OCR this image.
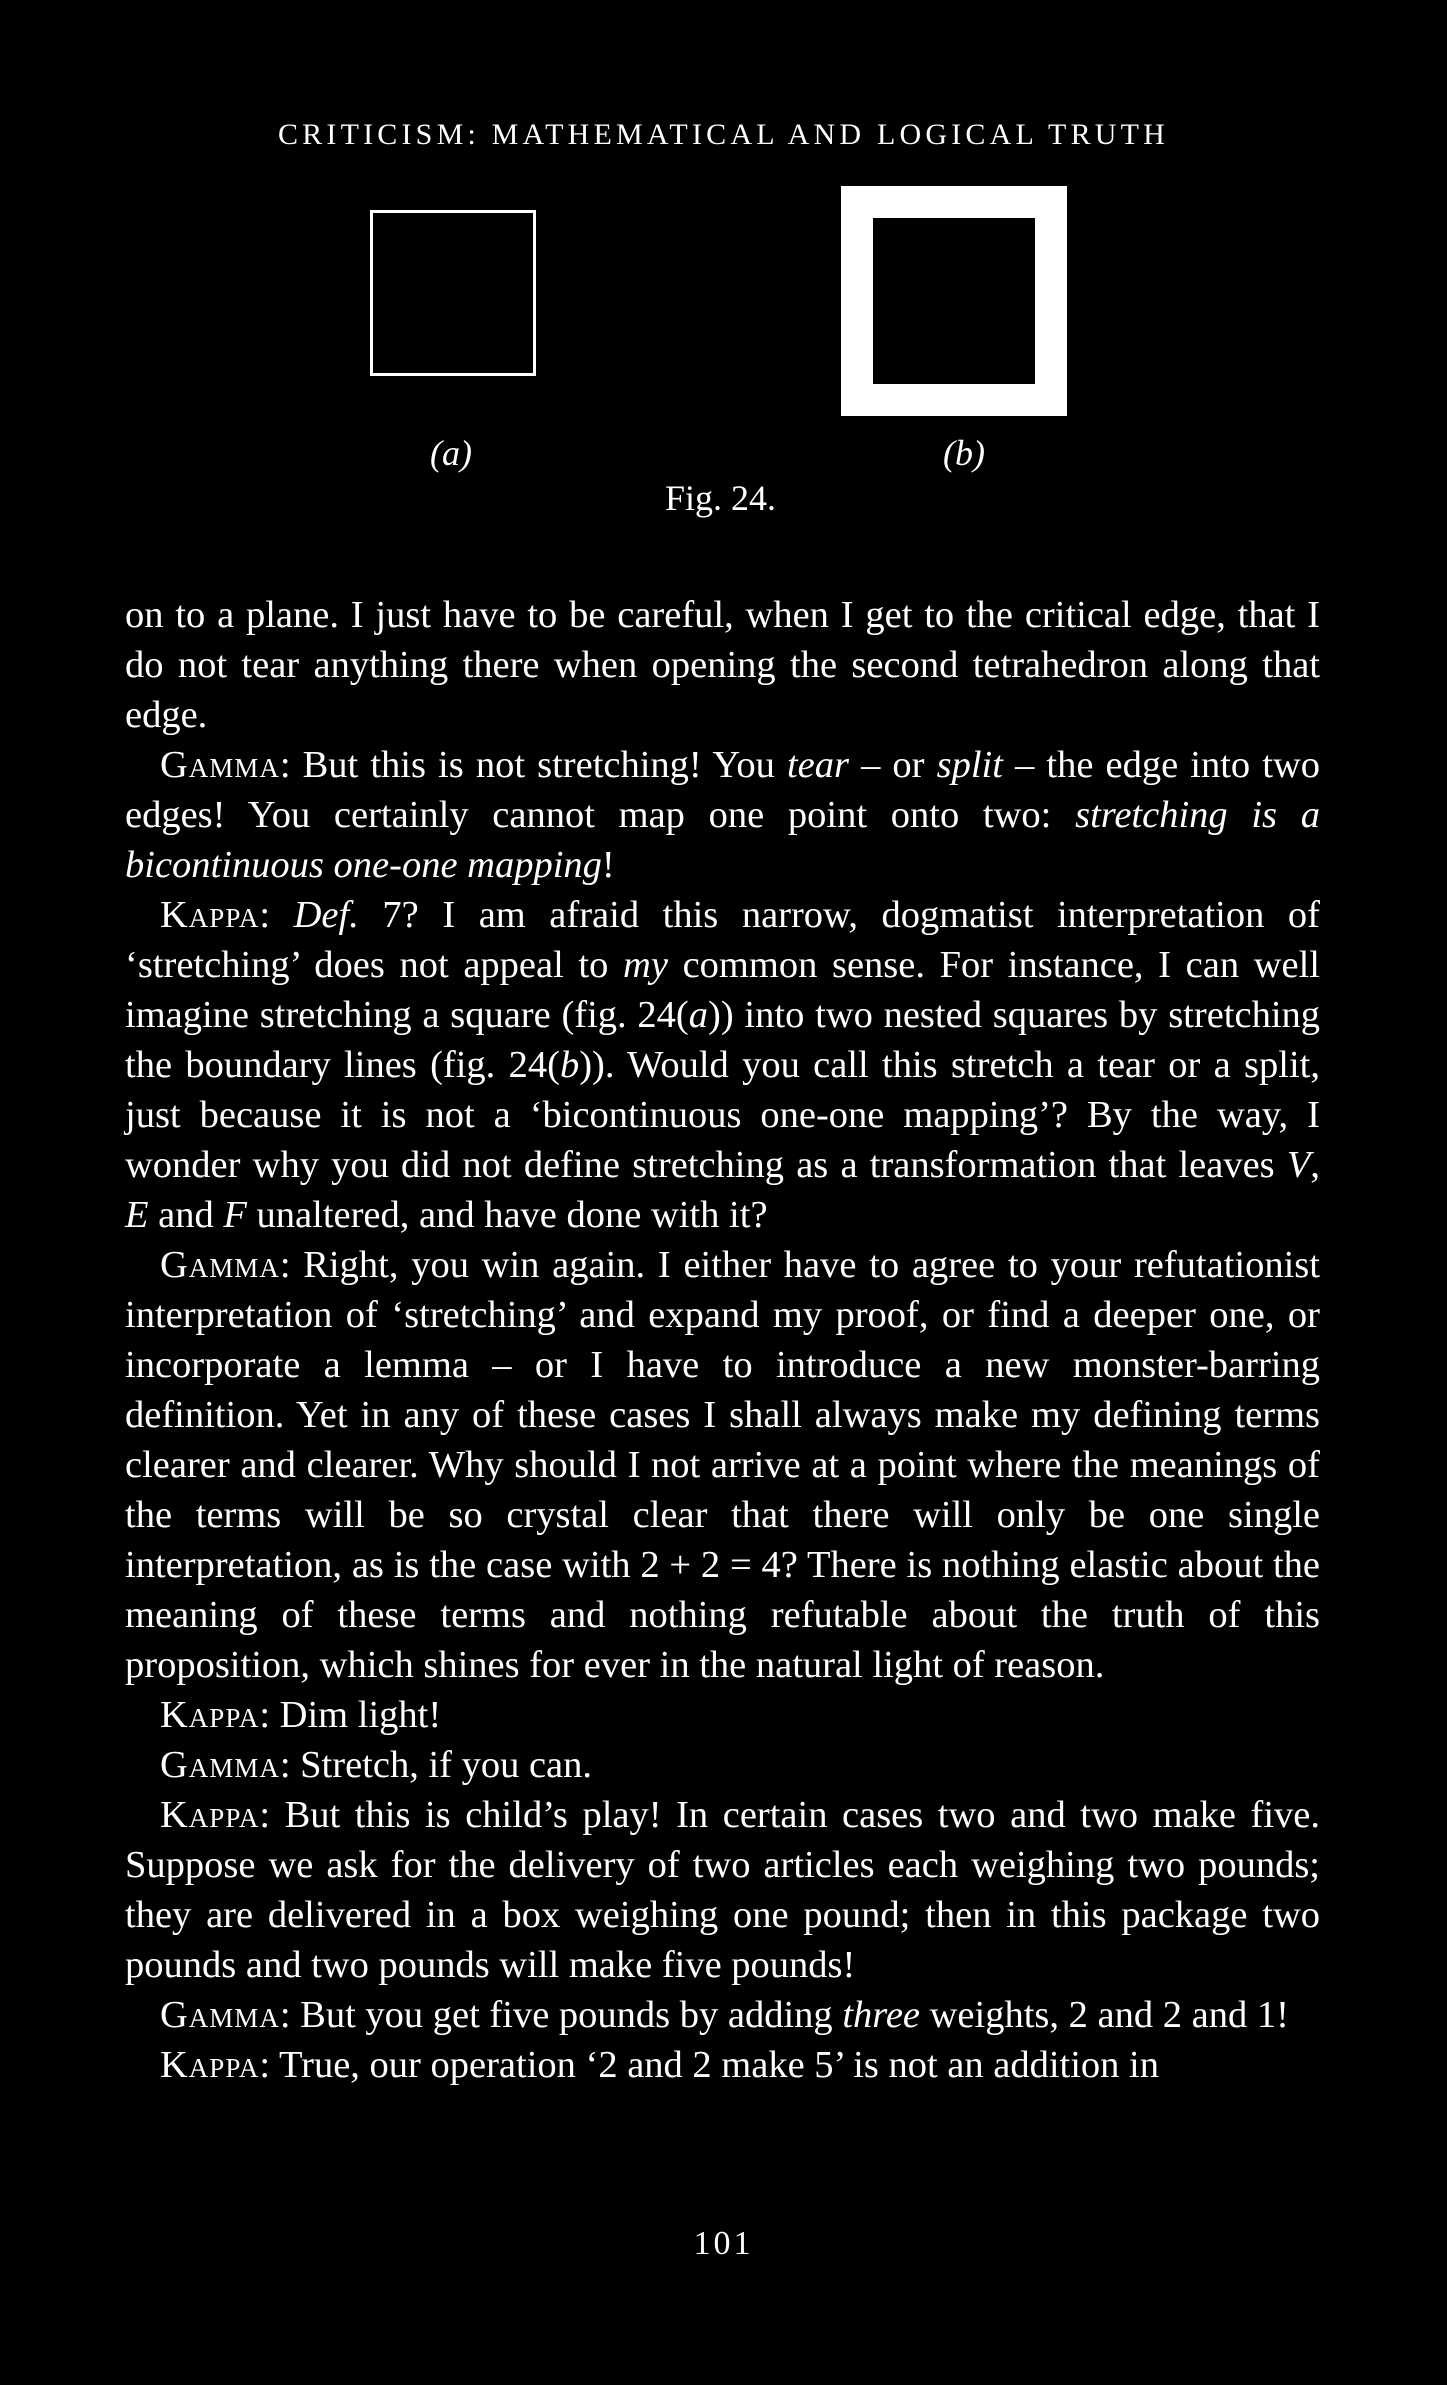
CRITICISM: MATHEMATICAL AND LOGICAL TRUTH
(a)	(b)
Fig. 24.

on to a plane. I just have to be careful, when I get to the critical edge, that I do not tear anything there when opening the second tetrahedron along that edge.

Gamma: But this is not stretching! You tear – or split – the edge into two edges! You certainly cannot map one point onto two: stretching is a bicontinuous one-one mapping!

Kappa: Def. 7? I am afraid this narrow, dogmatist interpretation of ‘stretching’ does not appeal to my common sense. For instance, I can well imagine stretching a square (fig. 24(a)) into two nested squares by stretching the boundary lines (fig. 24(b)). Would you call this stretch a tear or a split, just because it is not a ‘bicontinuous one-one mapping’? By the way, I wonder why you did not define stretching as a transformation that leaves V, E and F unaltered, and have done with it?

Gamma: Right, you win again. I either have to agree to your refutationist interpretation of ‘stretching’ and expand my proof, or find a deeper one, or incorporate a lemma – or I have to introduce a new monster-barring definition. Yet in any of these cases I shall always make my defining terms clearer and clearer. Why should I not arrive at a point where the meanings of the terms will be so crystal clear that there will only be one single interpretation, as is the case with 2 + 2 = 4? There is nothing elastic about the meaning of these terms and nothing refutable about the truth of this proposition, which shines for ever in the natural light of reason.

Kappa: Dim light!

Gamma: Stretch, if you can.

Kappa: But this is child’s play! In certain cases two and two make five. Suppose we ask for the delivery of two articles each weighing two pounds; they are delivered in a box weighing one pound; then in this package two pounds and two pounds will make five pounds!

Gamma: But you get five pounds by adding three weights, 2 and 2 and 1!

Kappa: True, our operation ‘2 and 2 make 5’ is not an addition in

101
